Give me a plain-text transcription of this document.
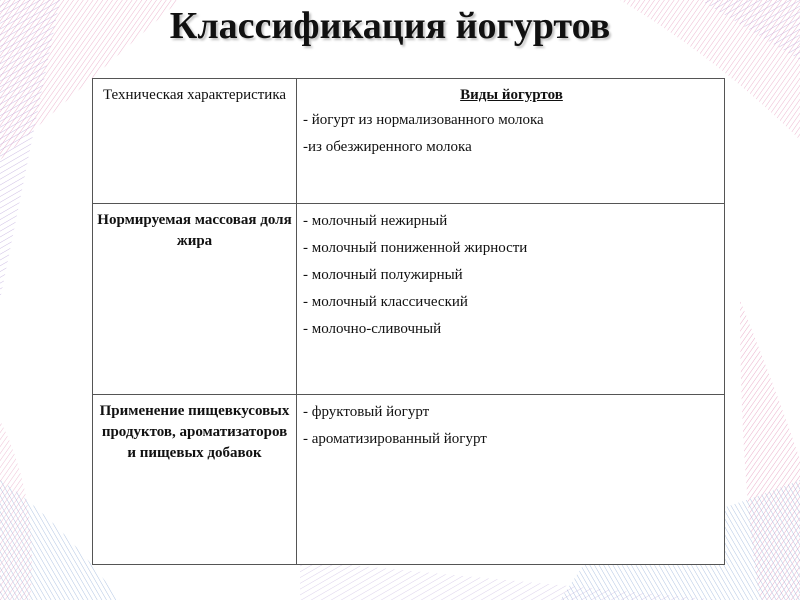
Классификация йогуртов
Техническая характеристика	Виды йогуртов
- йогурт из нормализованного молока
-из обезжиренного молока

Нормируемая массовая доля жира	- молочный нежирный
- молочный пониженной жирности
- молочный полужирный
- молочный классический
- молочно-сливочный

Применение пищевкусовых продуктов, ароматизаторов и пищевых добавок	- фруктовый йогурт
- ароматизированный йогурт
